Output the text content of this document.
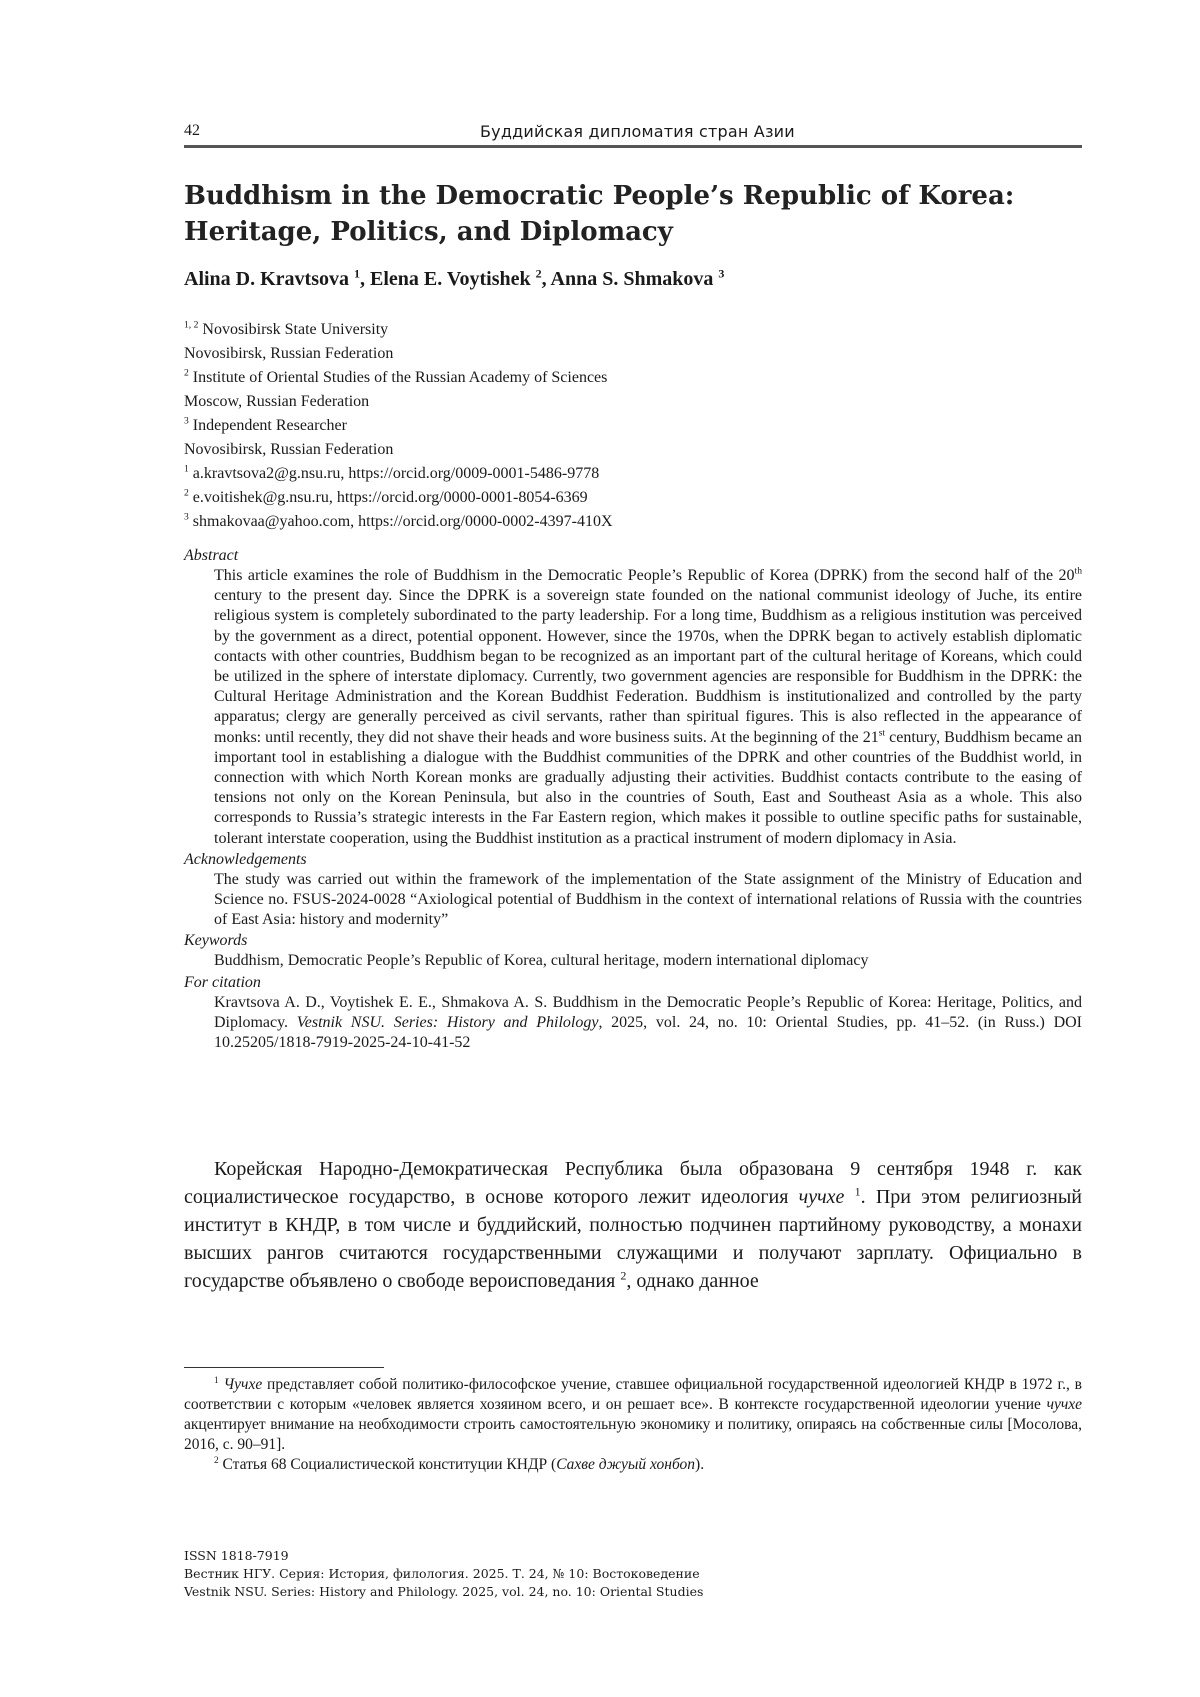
42	Буддийская дипломатия стран Азии
Buddhism in the Democratic People’s Republic of Korea:
Heritage, Politics, and Diplomacy
Alina D. Kravtsova $^1$, Elena E. Voytishek $^2$, Anna S. Shmakova $^3$

$^{1, 2}$ Novosibirsk State University

Novosibirsk, Russian Federation

$^2$ Institute of Oriental Studies of the Russian Academy of Sciences

Moscow, Russian Federation

$^3$ Independent Researcher

Novosibirsk, Russian Federation

$^1$ a.kravtsova2@g.nsu.ru, https://orcid.org/0009-0001-5486-9778

$^2$ e.voitishek@g.nsu.ru, https://orcid.org/0000-0001-8054-6369

$^3$ shmakovaa@yahoo.com, https://orcid.org/0000-0002-4397-410X

Abstract
This article examines the role of Buddhism in the Democratic People’s Republic of Korea (DPRK) from the second half of the 20th century to the present day. Since the DPRK is a sovereign state founded on the national communist ideology of Juche, its entire religious system is completely subordinated to the party leadership. For a long time, Buddhism as a religious institution was perceived by the government as a direct, potential opponent. However, since the 1970s, when the DPRK began to actively establish diplomatic contacts with other countries, Buddhism began to be recognized as an important part of the cultural heritage of Koreans, which could be utilized in the sphere of interstate diplomacy. Currently, two government agencies are responsible for Buddhism in the DPRK: the Cultural Heritage Administration and the Korean Buddhist Federation. Buddhism is institutionalized and controlled by the party apparatus; clergy are generally perceived as civil servants, rather than spiritual figures. This is also reflected in the appearance of monks: until recently, they did not shave their heads and wore business suits. At the beginning of the 21st century, Buddhism became an important tool in establishing a dialogue with the Buddhist communities of the DPRK and other countries of the Buddhist world, in connection with which North Korean monks are gradually adjusting their activities. Buddhist contacts contribute to the easing of tensions not only on the Korean Peninsula, but also in the countries of South, East and Southeast Asia as a whole. This also corresponds to Russia’s strategic interests in the Far Eastern region, which makes it possible to outline specific paths for sustainable, tolerant interstate cooperation, using the Buddhist institution as a practical instrument of modern diplomacy in Asia.
Acknowledgements
The study was carried out within the framework of the implementation of the State assignment of the Ministry of Education and Science no. FSUS-2024-0028 “Axiological potential of Buddhism in the context of international relations of Russia with the countries of East Asia: history and modernity”
Keywords
Buddhism, Democratic People’s Republic of Korea, cultural heritage, modern international diplomacy
For citation
Kravtsova A. D., Voytishek E. E., Shmakova A. S. Buddhism in the Democratic People’s Republic of Korea: Heritage, Politics, and Diplomacy. Vestnik NSU. Series: History and Philology, 2025, vol. 24, no. 10: Oriental Studies, pp. 41–52. (in Russ.) DOI 10.25205/1818-7919-2025-24-10-41-52
Корейская Народно-Демократическая Республика была образована 9 сентября 1948 г. как социалистическое государство, в основе которого лежит идеология чучхе $^1$. При этом религиозный институт в КНДР, в том числе и буддийский, полностью подчинен партийному руководству, а монахи высших рангов считаются государственными служащими и получают зарплату. Официально в государстве объявлено о свободе вероисповедания $^2$, однако данное

$^1$ Чучхе представляет собой политико-философское учение, ставшее официальной государственной идеологией КНДР в 1972 г., в соответствии с которым «человек является хозяином всего, и он решает все». В контексте государственной идеологии учение чучхе акцентирует внимание на необходимости строить самостоятельную экономику и политику, опираясь на собственные силы [Мосолова, 2016, с. 90–91].

$^2$ Статья 68 Социалистической конституции КНДР (Сахве джуый хонбоп).

ISSN 1818-7919

Вестник НГУ. Серия: История, филология. 2025. Т. 24, № 10: Востоковедение

Vestnik NSU. Series: History and Philology. 2025, vol. 24, no. 10: Oriental Studies
